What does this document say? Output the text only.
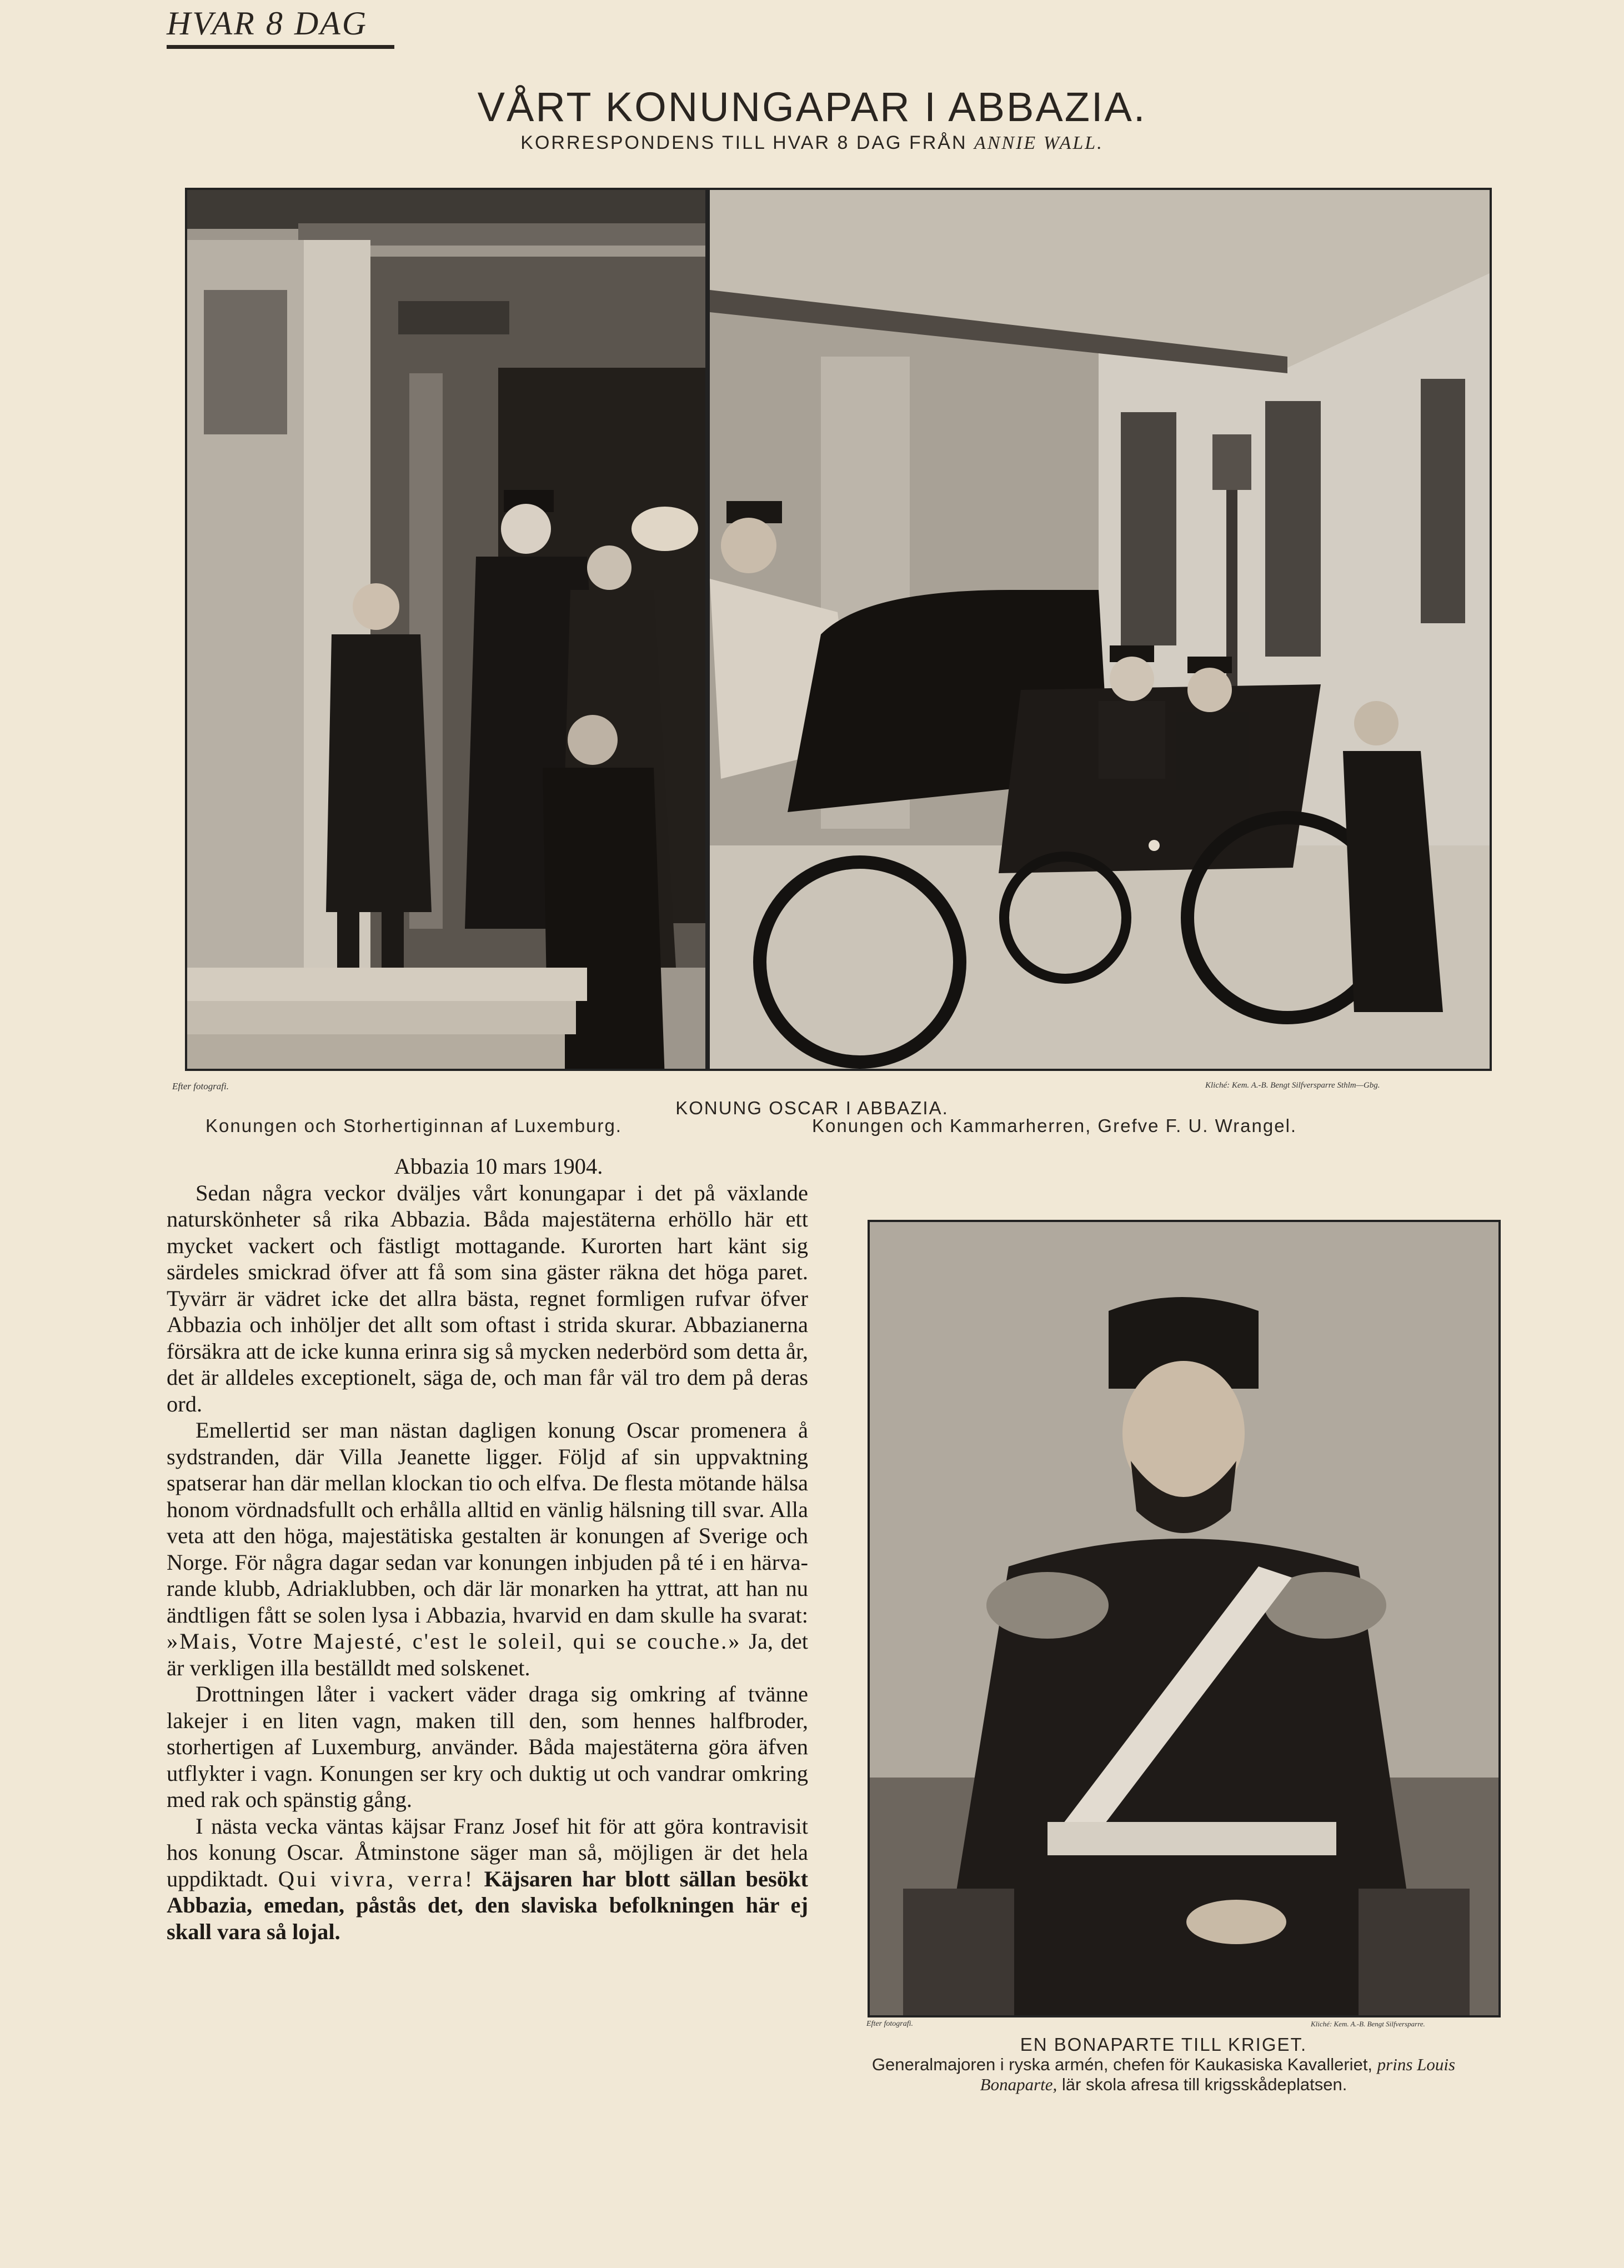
HVAR 8 DAG
VÅRT KONUNGAPAR I ABBAZIA.
KORRESPONDENS TILL HVAR 8 DAG FRÅN ANNIE WALL.
Efter fotografi.	Kliché: Kem. A.-B. Bengt Silfversparre Sthlm—Gbg.
KONUNG OSCAR I ABBAZIA.
Konungen och Storhertiginnan af Luxemburg.	Konungen och Kammarherren, Grefve F. U. Wrangel.

Abbazia 10 mars 1904.

Sedan några veckor dväljes vårt konungapar i det på växlande naturskönheter så rika Abbazia. Båda majestäterna erhöllo här ett mycket vackert och fästligt mottagande. Kurorten hart känt sig särdeles smickrad öfver att få som sina gäster räkna det höga paret. Tyvärr är vädret icke det allra bästa, regnet formligen rufvar öfver Abbazia och inhöljer det allt som oftast i strida skurar. Abbazianerna försäkra att de icke kunna erinra sig så mycken nederbörd som detta år, det är alldeles exceptionelt, säga de, och man får väl tro dem på deras ord.

Emellertid ser man nästan dagligen konung Oscar promenera å sydstranden, där Villa Jeanette ligger. Följd af sin uppvaktning spatserar han där mellan klockan tio och elfva. De flesta mötande hälsa honom vördnadsfullt och erhålla alltid en vänlig hälsning till svar. Alla veta att den höga, majestätiska gestalten är konungen af Sverige och Norge. För några dagar sedan var konungen inbjuden på té i en härvarande klubb, Adriaklubben, och där lär monarken ha yttrat, att han nu ändtligen fått se solen lysa i Abbazia, hvarvid en dam skulle ha svarat: »Mais, Votre Majesté, c'est le soleil, qui se couche.» Ja, det är verkligen illa beställdt med solskenet.

Drottningen låter i vackert väder draga sig omkring af tvänne lakejer i en liten vagn, maken till den, som hennes halfbroder, storhertigen af Luxemburg, använder. Båda majestäterna göra äfven utflykter i vagn. Konungen ser kry och duktig ut och vandrar omkring med rak och spänstig gång.

I nästa vecka väntas käjsar Franz Josef hit för att göra kontravisit hos konung Oscar. Åtminstone säger man så, möjligen är det hela uppdiktadt. Qui vivra, verra! Käjsaren har blott sällan besökt Abbazia, emedan, påstås det, den slaviska befolkningen här ej skall vara så lojal.

Efter fotografi.	Kliché: Kem. A.-B. Bengt Silfversparre.
EN BONAPARTE TILL KRIGET.
Generalmajoren i ryska armén, chefen för Kaukasiska Kavalleriet, prins Louis Bonaparte, lär skola afresa till krigsskådeplatsen.
